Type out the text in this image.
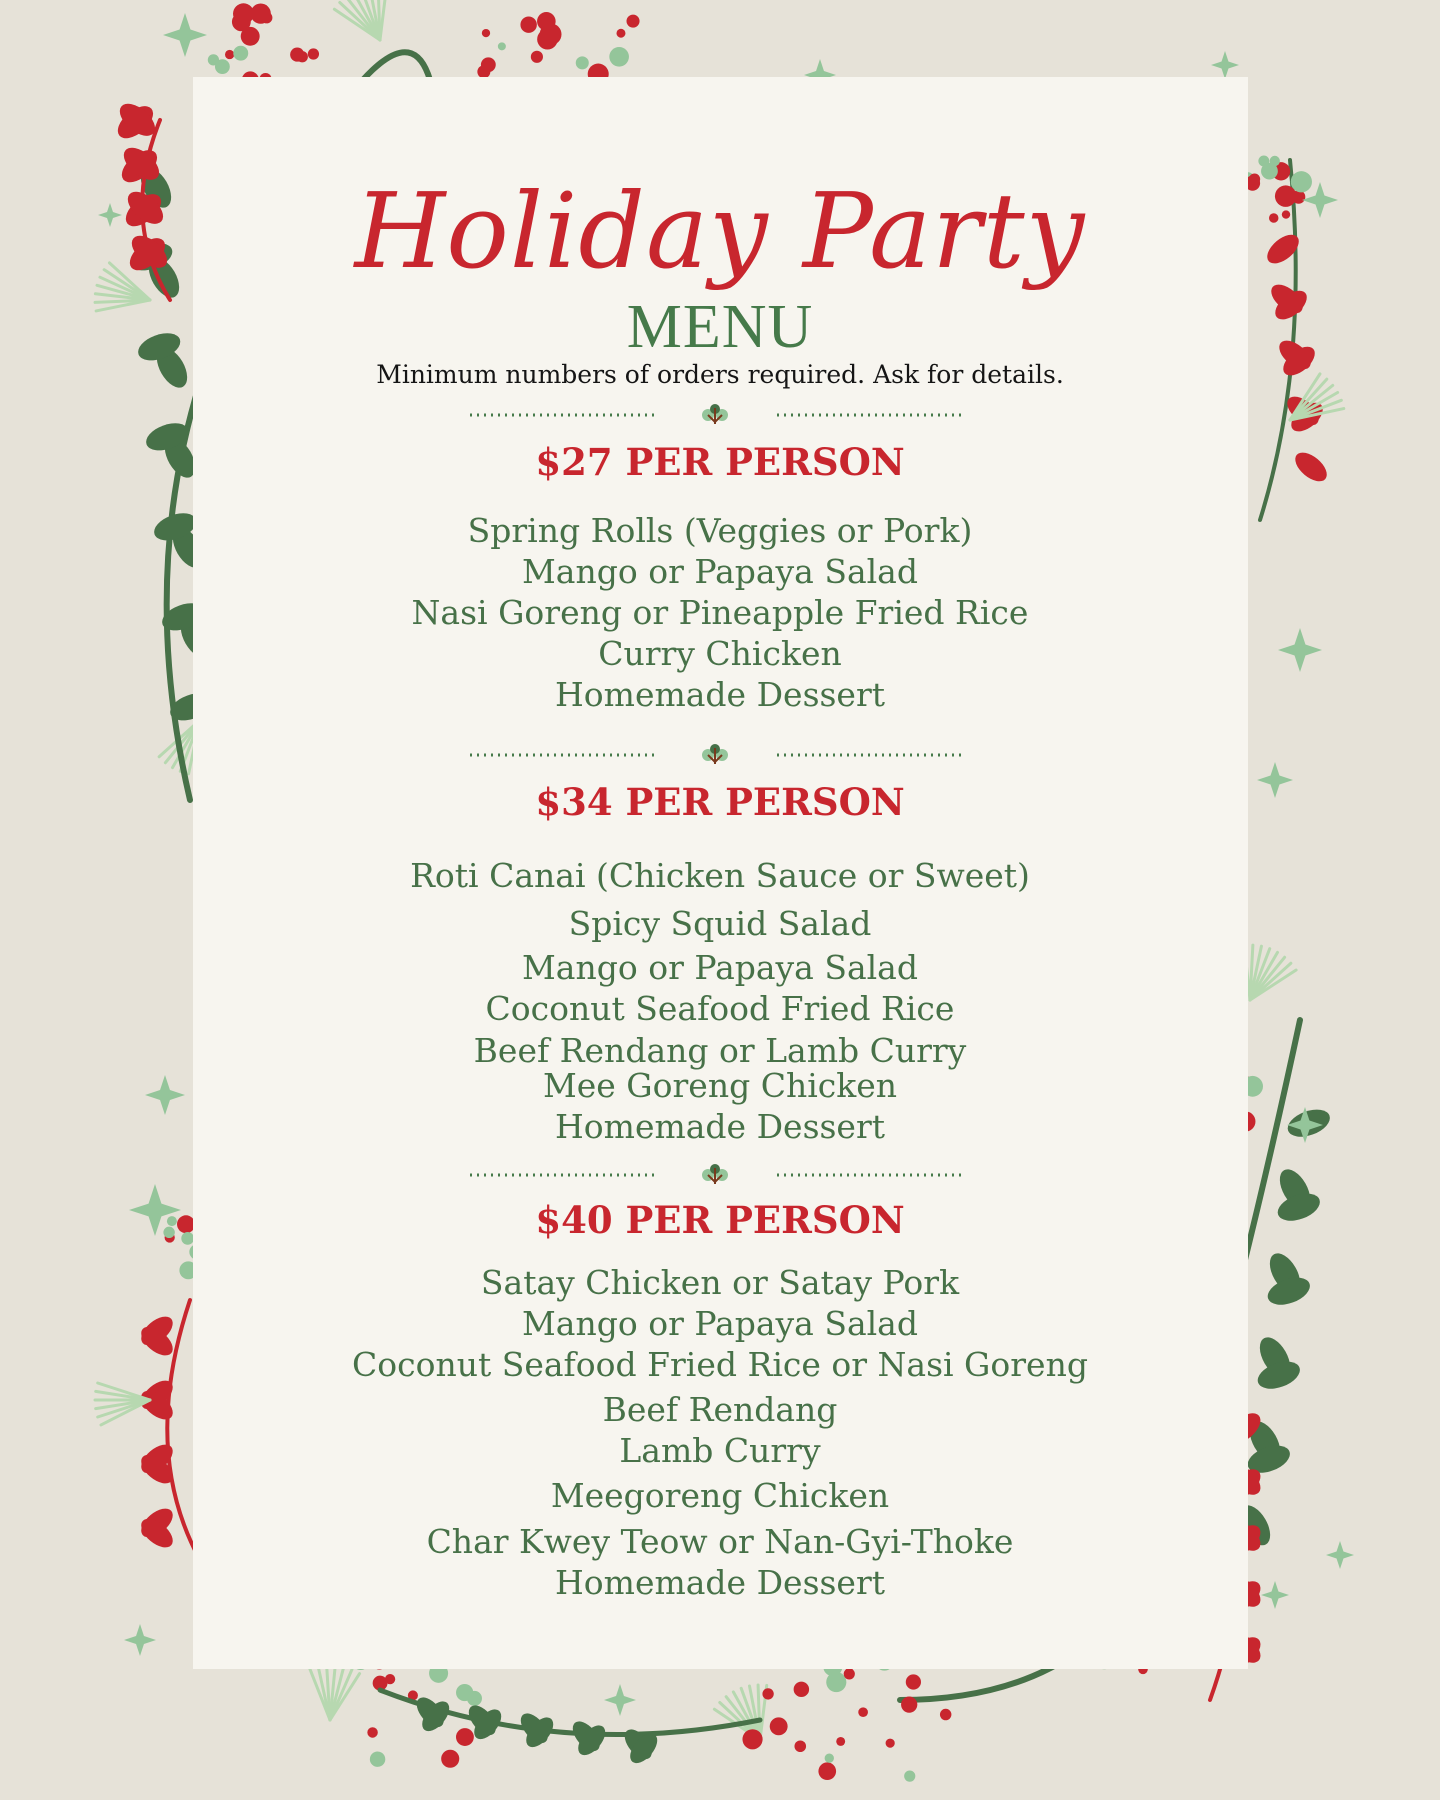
Holiday Party
MENU
Minimum numbers of orders required. Ask for details.
$27 PER PERSON
Spring Rolls (Veggies or Pork)
Mango or Papaya Salad
Nasi Goreng or Pineapple Fried Rice
Curry Chicken
Homemade Dessert
$34 PER PERSON
Roti Canai (Chicken Sauce or Sweet)
Spicy Squid Salad
Mango or Papaya Salad
Coconut Seafood Fried Rice
Beef Rendang or Lamb Curry
Mee Goreng Chicken
Homemade Dessert
$40 PER PERSON
Satay Chicken or Satay Pork
Mango or Papaya Salad
Coconut Seafood Fried Rice or Nasi Goreng
Beef Rendang
Lamb Curry
Meegoreng Chicken
Char Kwey Teow or Nan-Gyi-Thoke
Homemade Dessert
